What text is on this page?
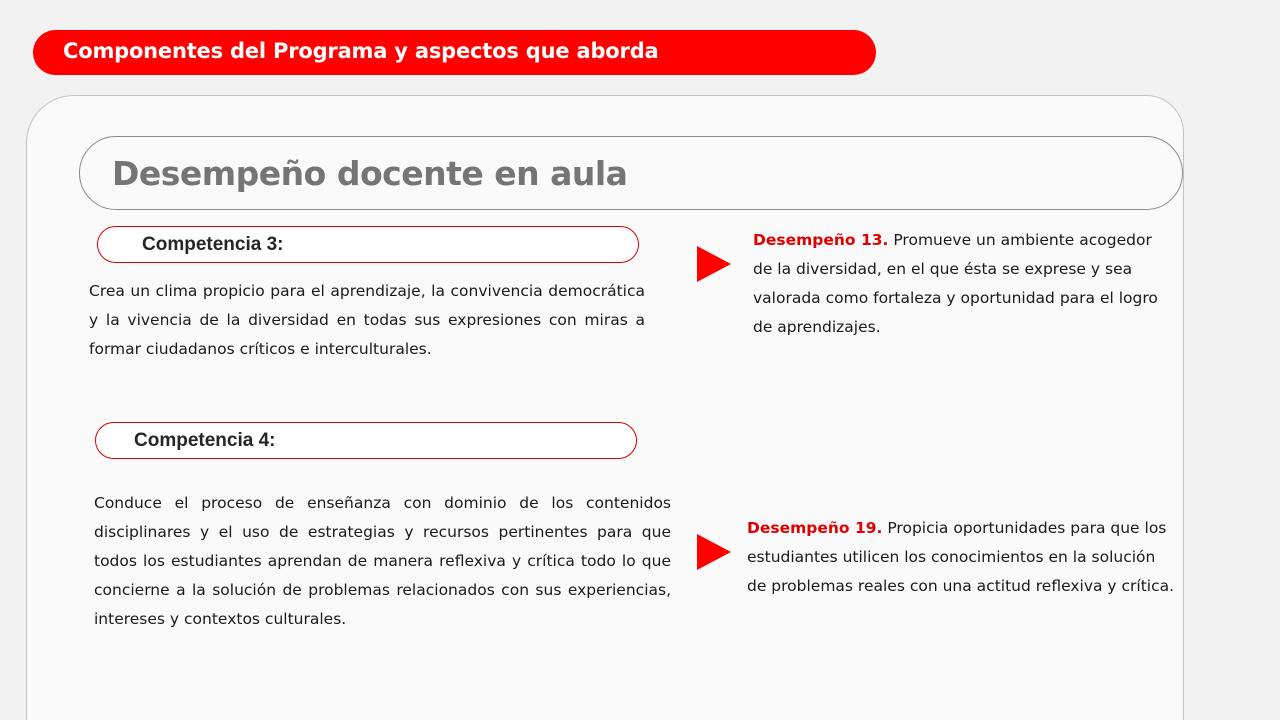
Componentes del Programa y aspectos que aborda
Desempeño docente en aula
Competencia 3:

Crea un clima propicio para el aprendizaje, la convivencia democrática y la vivencia de la diversidad en todas sus expresiones con miras a formar ciudadanos críticos e interculturales.

Competencia 4:

Conduce el proceso de enseñanza con dominio de los contenidos disciplinares y el uso de estrategias y recursos pertinentes para que todos los estudiantes aprendan de manera reflexiva y crítica todo lo que concierne a la solución de problemas relacionados con sus experiencias, intereses y contextos culturales.

Desempeño 13. Promueve un ambiente acogedor de la diversidad, en el que ésta se exprese y sea valorada como fortaleza y oportunidad para el logro de aprendizajes.

Desempeño 19. Propicia oportunidades para que los estudiantes utilicen los conocimientos en la solución de problemas reales con una actitud reflexiva y crítica.
